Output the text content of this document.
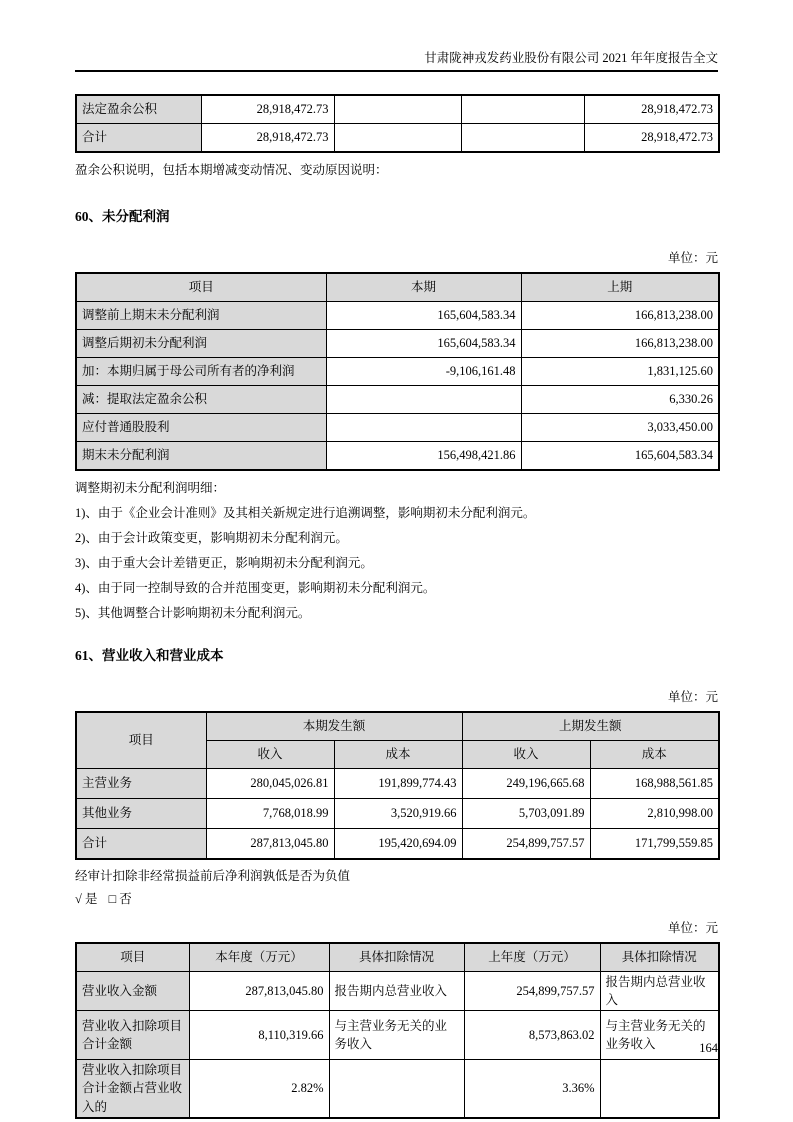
甘肃陇神戎发药业股份有限公司 2021 年年度报告全文
法定盈余公积	28,918,472.73			28,918,472.73
合计	28,918,472.73			28,918,472.73

盈余公积说明，包括本期增减变动情况、变动原因说明：

60、未分配利润
单位：元
项目	本期	上期
调整前上期末未分配利润	165,604,583.34	166,813,238.00
调整后期初未分配利润	165,604,583.34	166,813,238.00
加：本期归属于母公司所有者的净利润	-9,106,161.48	1,831,125.60
减：提取法定盈余公积		6,330.26
应付普通股股利		3,033,450.00
期末未分配利润	156,498,421.86	165,604,583.34

调整期初未分配利润明细：

1)、由于《企业会计准则》及其相关新规定进行追溯调整，影响期初未分配利润元。

2)、由于会计政策变更，影响期初未分配利润元。

3)、由于重大会计差错更正，影响期初未分配利润元。

4)、由于同一控制导致的合并范围变更，影响期初未分配利润元。

5)、其他调整合计影响期初未分配利润元。

61、营业收入和营业成本
单位：元
项目	本期发生额		上期发生额	
	收入	成本	收入	成本
主营业务	280,045,026.81	191,899,774.43	249,196,665.68	168,988,561.85
其他业务	7,768,018.99	3,520,919.66	5,703,091.89	2,810,998.00
合计	287,813,045.80	195,420,694.09	254,899,757.57	171,799,559.85

经审计扣除非经常损益前后净利润孰低是否为负值

√ 是 □ 否

单位：元
项目	本年度（万元）	具体扣除情况	上年度（万元）	具体扣除情况
营业收入金额	287,813,045.80	报告期内总营业收入	254,899,757.57	报告期内总营业收入
营业收入扣除项目合计金额	8,110,319.66	与主营业务无关的业务收入	8,573,863.02	与主营业务无关的业务收入
营业收入扣除项目合计金额占营业收入的	2.82%		3.36%	
164
